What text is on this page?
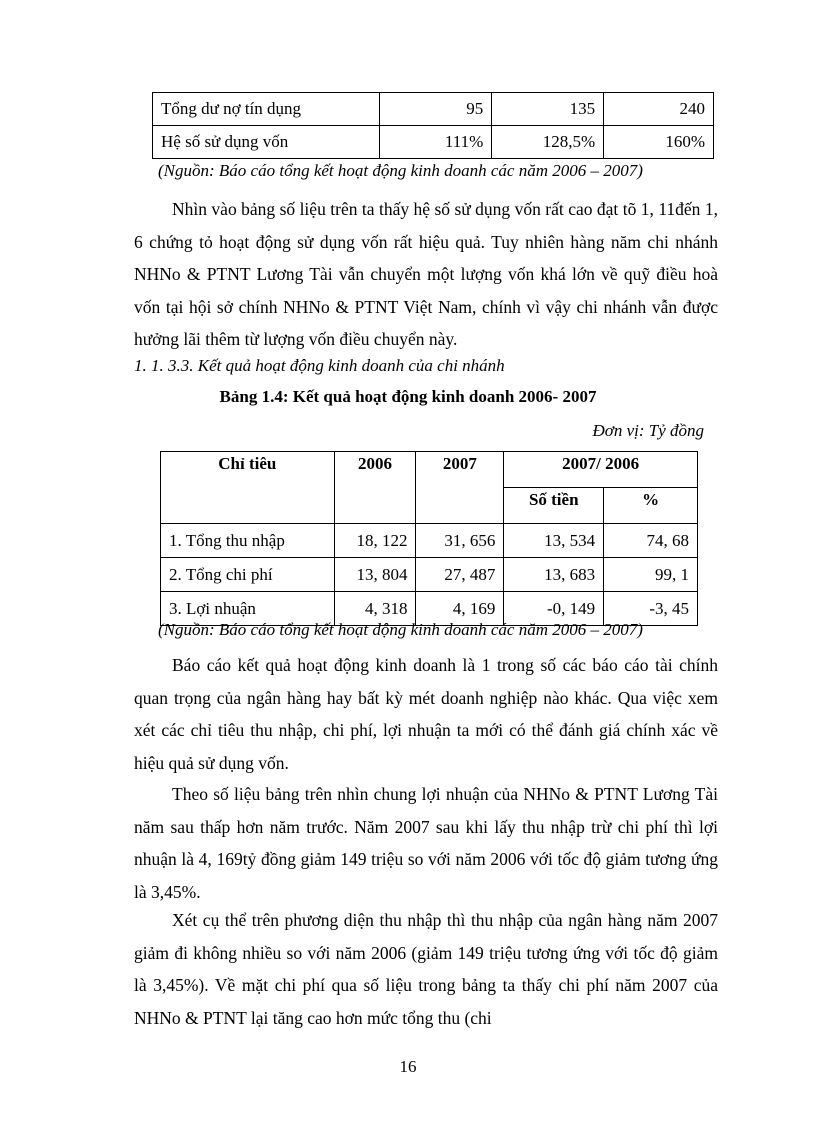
Tổng dư nợ tín dụng	95	135	240
Hệ số sử dụng vốn	111%	128,5%	160%
(Nguồn: Báo cáo tổng kết hoạt động kinh doanh các năm 2006 – 2007)

Nhìn vào bảng số liệu trên ta thấy hệ số sử dụng vốn rất cao đạt tõ 1, 11đến 1, 6 chứng tỏ hoạt động sử dụng vốn rất hiệu quả. Tuy nhiên hàng năm chi nhánh NHNo & PTNT Lương Tài vẫn chuyển một lượng vốn khá lớn về quỹ điều hoà vốn tại hội sở chính NHNo & PTNT Việt Nam, chính vì vậy chi nhánh vẫn được hưởng lãi thêm từ lượng vốn điều chuyển này.

1. 1. 3.3. Kết quả hoạt động kinh doanh của chi nhánh
Bảng 1.4: Kết quả hoạt động kinh doanh 2006- 2007
Đơn vị: Tỷ đồng
Chỉ tiêu	2006	2007	2007/ 2006	
			Số tiền	%
1. Tổng thu nhập	18, 122	31, 656	13, 534	74, 68
2. Tổng chi phí	13, 804	27, 487	13, 683	99, 1
3. Lợi nhuận	4, 318	4, 169	-0, 149	-3, 45
(Nguồn: Báo cáo tổng kết hoạt động kinh doanh các năm 2006 – 2007)

Báo cáo kết quả hoạt động kinh doanh là 1 trong số các báo cáo tài chính quan trọng của ngân hàng hay bất kỳ mét doanh nghiệp nào khác. Qua việc xem xét các chỉ tiêu thu nhập, chi phí, lợi nhuận ta mới có thể đánh giá chính xác về hiệu quả sử dụng vốn.

Theo số liệu bảng trên nhìn chung lợi nhuận của NHNo & PTNT Lương Tài năm sau thấp hơn năm trước. Năm 2007 sau khi lấy thu nhập trừ chi phí thì lợi nhuận là 4, 169tỷ đồng giảm 149 triệu so với năm 2006 với tốc độ giảm tương ứng là 3,45%.

Xét cụ thể trên phương diện thu nhập thì thu nhập của ngân hàng năm 2007 giảm đi không nhiều so với năm 2006 (giảm 149 triệu tương ứng với tốc độ giảm là 3,45%). Về mặt chi phí qua số liệu trong bảng ta thấy chi phí năm 2007 của NHNo & PTNT lại tăng cao hơn mức tổng thu (chi

16
